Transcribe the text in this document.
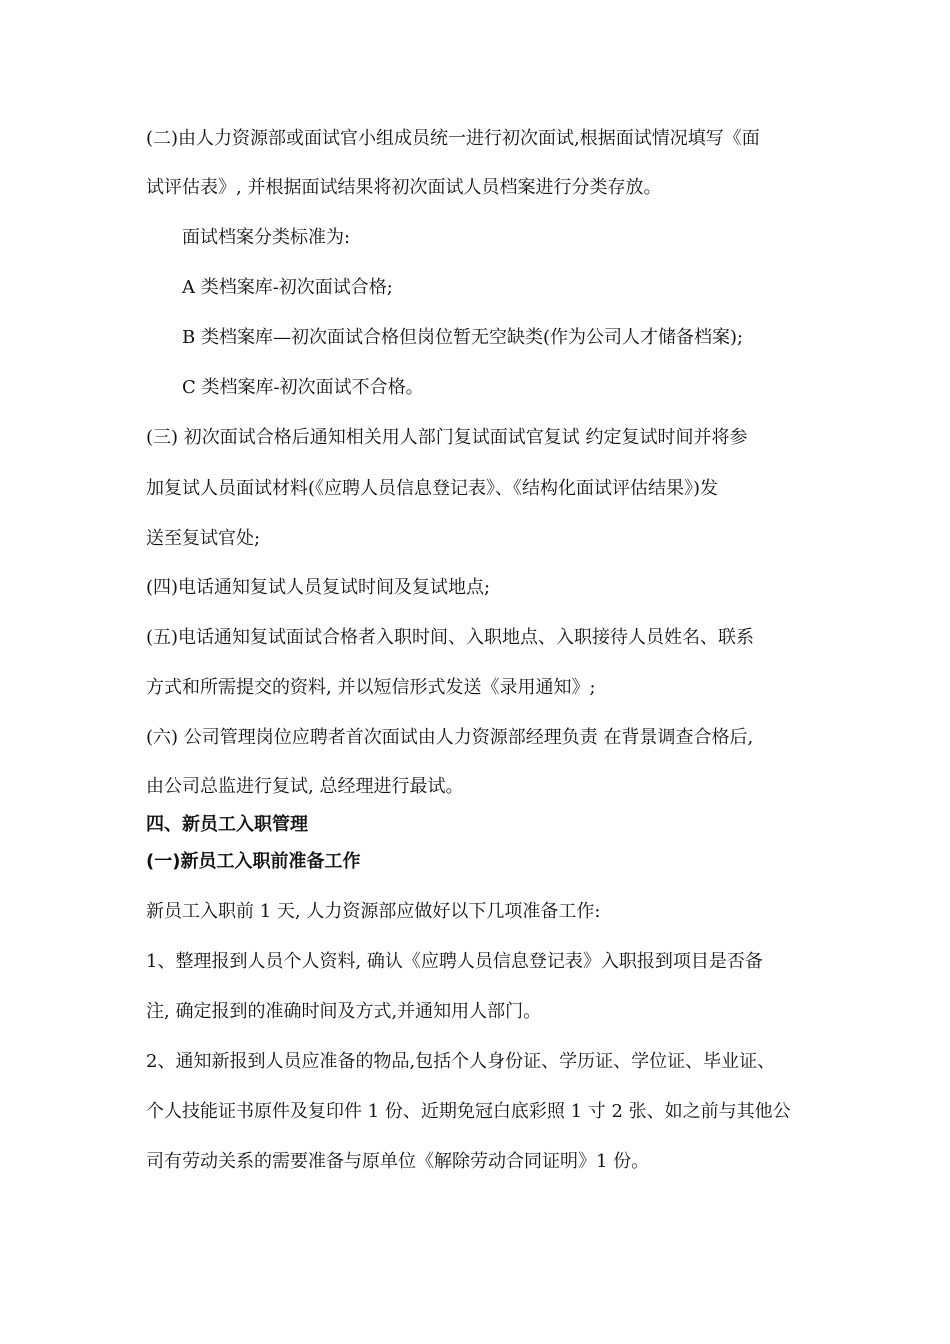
(二)由人力资源部或面试官小组成员统一进行初次面试,根据面试情况填写《面
试评估表》, 并根据面试结果将初次面试人员档案进行分类存放。
面试档案分类标准为:
A 类档案库-初次面试合格;
B 类档案库—初次面试合格但岗位暂无空缺类(作为公司人才储备档案);
C 类档案库-初次面试不合格。
(三) 初次面试合格后通知相关用人部门复试面试官复试 约定复试时间并将参
加复试人员面试材料(《应聘人员信息登记表》、《结构化面试评估结果》)发
送至复试官处;
(四)电话通知复试人员复试时间及复试地点;
(五)电话通知复试面试合格者入职时间、入职地点、入职接待人员姓名、联系
方式和所需提交的资料, 并以短信形式发送《录用通知》;
(六) 公司管理岗位应聘者首次面试由人力资源部经理负责 在背景调查合格后,
由公司总监进行复试, 总经理进行最试。
四、新员工入职管理
(一)新员工入职前准备工作
新员工入职前 1 天, 人力资源部应做好以下几项准备工作:
1、整理报到人员个人资料, 确认《应聘人员信息登记表》入职报到项目是否备
注, 确定报到的准确时间及方式,并通知用人部门。
2、通知新报到人员应准备的物品,包括个人身份证、学历证、学位证、毕业证、
个人技能证书原件及复印件 1 份、近期免冠白底彩照 1 寸 2 张、如之前与其他公
司有劳动关系的需要准备与原单位《解除劳动合同证明》1 份。
